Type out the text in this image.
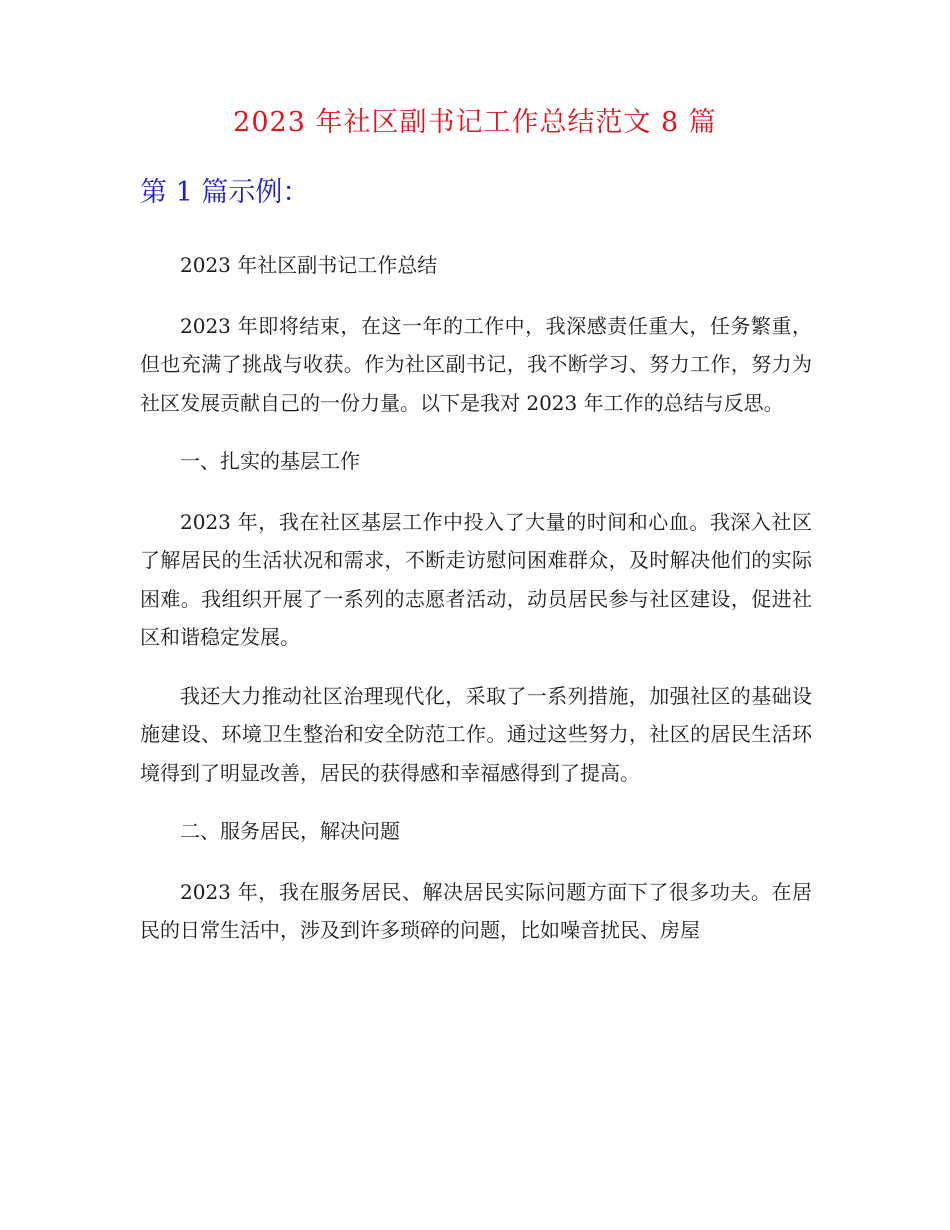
2023 年社区副书记工作总结范文 8 篇
第 1 篇示例：

2023 年社区副书记工作总结

2023 年即将结束，在这一年的工作中，我深感责任重大，任务繁重，但也充满了挑战与收获。作为社区副书记，我不断学习、努力工作，努力为社区发展贡献自己的一份力量。以下是我对 2023 年工作的总结与反思。

一、扎实的基层工作

2023 年，我在社区基层工作中投入了大量的时间和心血。我深入社区了解居民的生活状况和需求，不断走访慰问困难群众，及时解决他们的实际困难。我组织开展了一系列的志愿者活动，动员居民参与社区建设，促进社区和谐稳定发展。

我还大力推动社区治理现代化，采取了一系列措施，加强社区的基础设施建设、环境卫生整治和安全防范工作。通过这些努力，社区的居民生活环境得到了明显改善，居民的获得感和幸福感得到了提高。

二、服务居民，解决问题

2023 年，我在服务居民、解决居民实际问题方面下了很多功夫。在居民的日常生活中，涉及到许多琐碎的问题，比如噪音扰民、房屋
